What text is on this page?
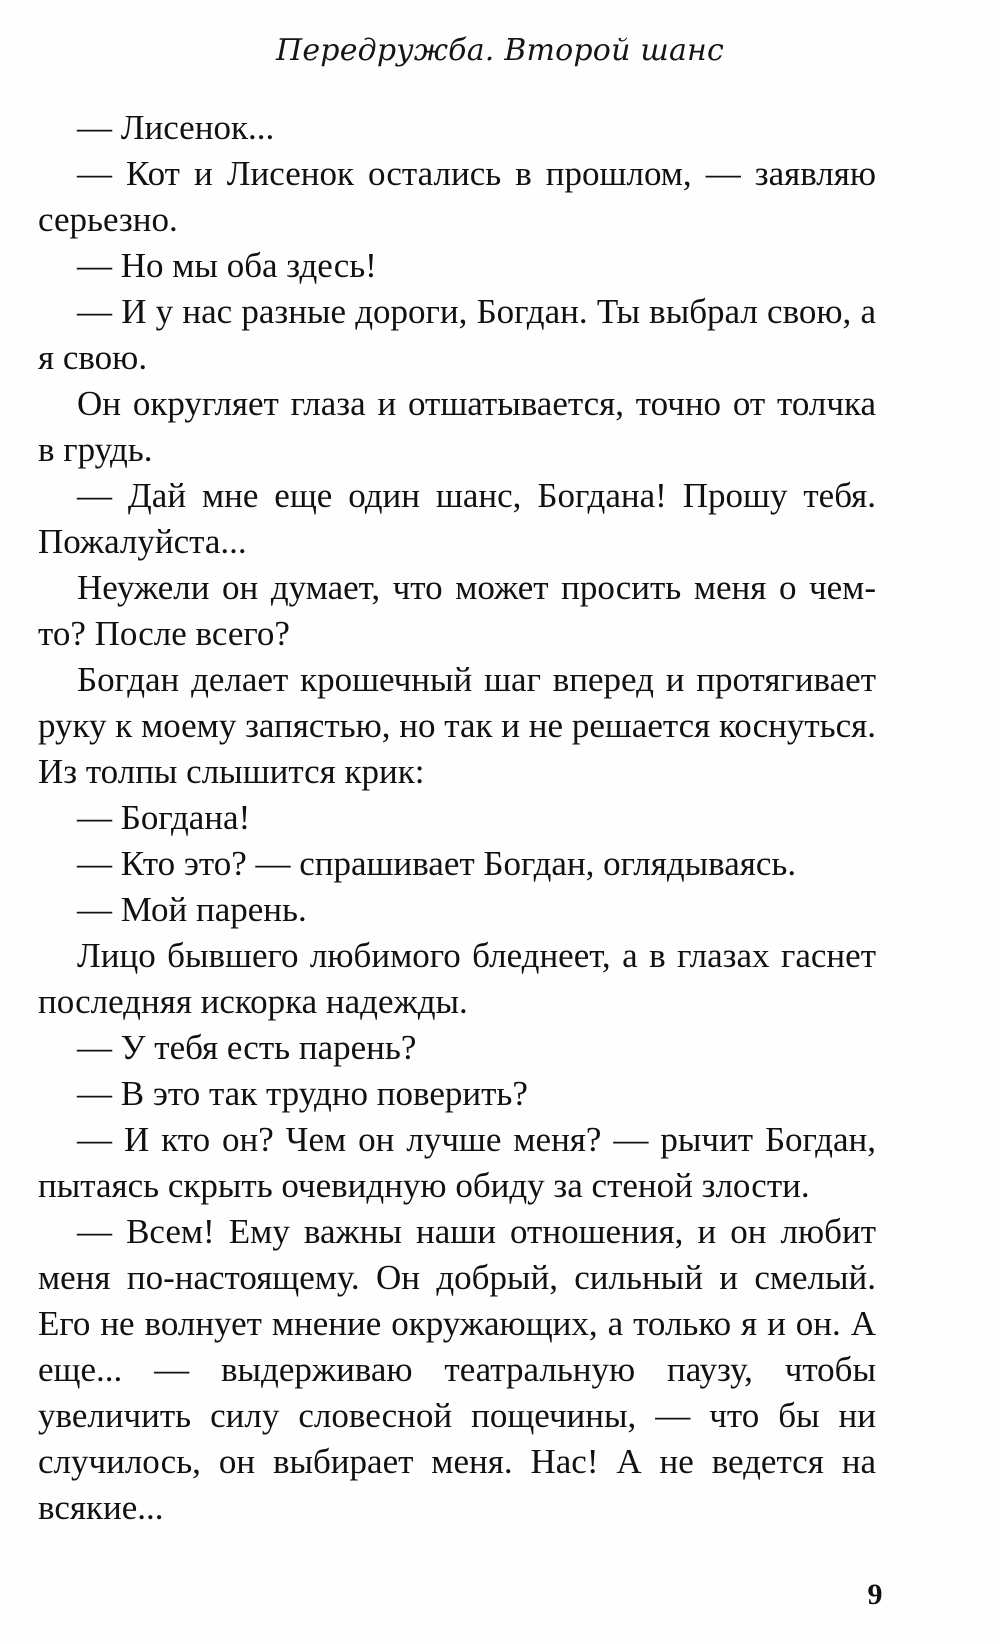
Передружба. Второй шанс

— Лисенок...

— Кот и Лисенок остались в прошлом, — заявляю серьезно.

— Но мы оба здесь!

— И у нас разные дороги, Богдан. Ты выбрал свою, а я свою.

Он округляет глаза и отшатывается, точно от толчка в грудь.

— Дай мне еще один шанс, Богдана! Прошу тебя. Пожалуйста...

Неужели он думает, что может просить меня о чем-то? После всего?

Богдан делает крошечный шаг вперед и протягивает руку к моему запястью, но так и не решается коснуться. Из толпы слышится крик:

— Богдана!

— Кто это? — спрашивает Богдан, оглядываясь.

— Мой парень.

Лицо бывшего любимого бледнеет, а в глазах гаснет последняя искорка надежды.

— У тебя есть парень?

— В это так трудно поверить?

— И кто он? Чем он лучше меня? — рычит Богдан, пытаясь скрыть очевидную обиду за стеной злости.

— Всем! Ему важны наши отношения, и он любит меня по-настоящему. Он добрый, сильный и смелый. Его не волнует мнение окружающих, а только я и он. А еще... — выдерживаю театральную паузу, чтобы увеличить силу словесной пощечины, — что бы ни случилось, он выбирает меня. Нас! А не ведется на всякие...

9
